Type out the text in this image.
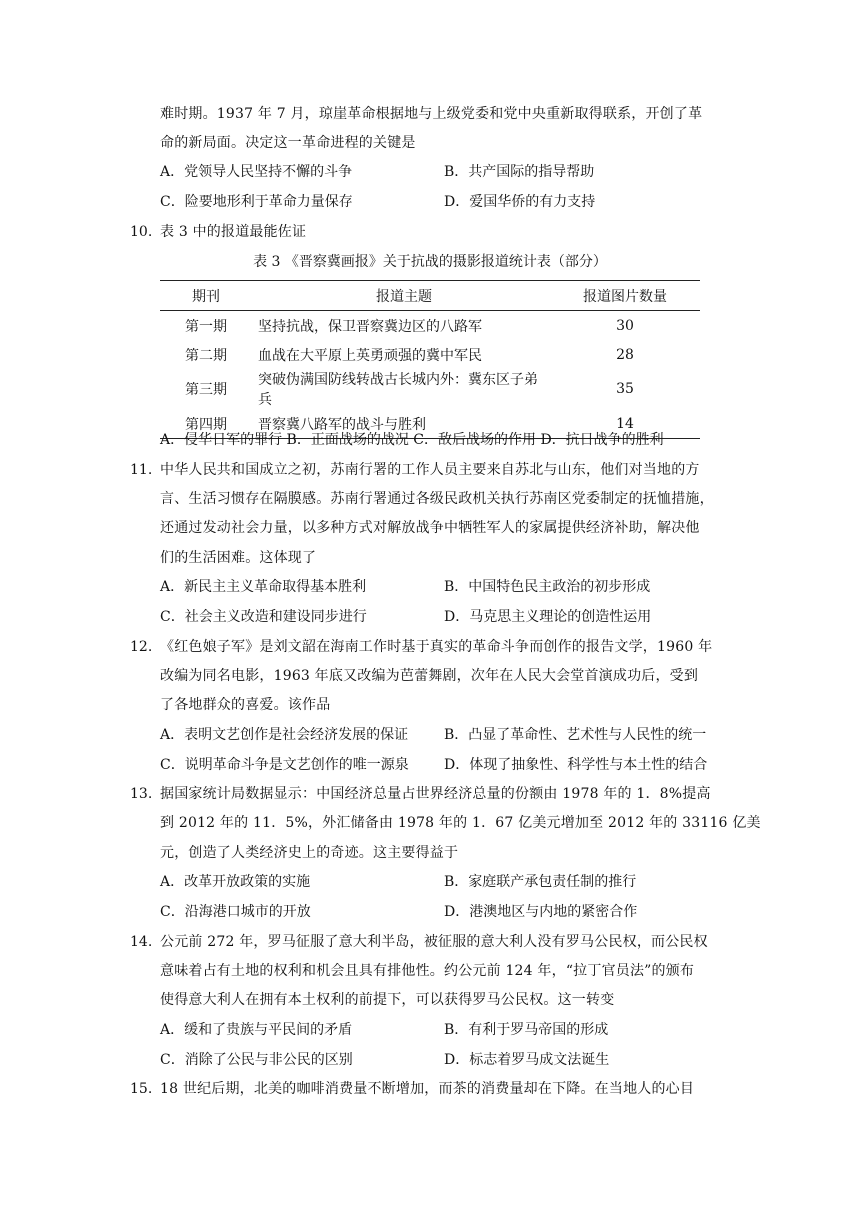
难时期。1937 年 7 月，琼崖革命根据地与上级党委和党中央重新取得联系，开创了革
命的新局面。决定这一革命进程的关键是
A．党领导人民坚持不懈的斗争	B．共产国际的指导帮助
C．险要地形利于革命力量保存	D．爱国华侨的有力支持
10. 表 3 中的报道最能佐证
表 3 《晋察冀画报》关于抗战的摄影报道统计表（部分）
期刊	报道主题	报道图片数量
第一期	坚持抗战，保卫晋察冀边区的八路军	30
第二期	血战在大平原上英勇顽强的冀中军民	28
第三期	突破伪满国防线转战古长城内外：冀东区子弟兵	35
第四期	晋察冀八路军的战斗与胜利	14
A．侵华日军的罪行 B．正面战场的战况 C．敌后战场的作用 D．抗日战争的胜利
11. 中华人民共和国成立之初，苏南行署的工作人员主要来自苏北与山东，他们对当地的方
言、生活习惯存在隔膜感。苏南行署通过各级民政机关执行苏南区党委制定的抚恤措施，
还通过发动社会力量，以多种方式对解放战争中牺牲军人的家属提供经济补助，解决他
们的生活困难。这体现了
A．新民主主义革命取得基本胜利	B．中国特色民主政治的初步形成
C．社会主义改造和建设同步进行	D．马克思主义理论的创造性运用
12. 《红色娘子军》是刘文韶在海南工作时基于真实的革命斗争而创作的报告文学，1960 年
改编为同名电影，1963 年底又改编为芭蕾舞剧，次年在人民大会堂首演成功后，受到
了各地群众的喜爱。该作品
A．表明文艺创作是社会经济发展的保证	B．凸显了革命性、艺术性与人民性的统一
C．说明革命斗争是文艺创作的唯一源泉	D．体现了抽象性、科学性与本土性的结合
13. 据国家统计局数据显示：中国经济总量占世界经济总量的份额由 1978 年的 1．8%提高
到 2012 年的 11．5%，外汇储备由 1978 年的 1．67 亿美元增加至 2012 年的 33116 亿美
元，创造了人类经济史上的奇迹。这主要得益于
A．改革开放政策的实施	B．家庭联产承包责任制的推行
C．沿海港口城市的开放	D．港澳地区与内地的紧密合作
14. 公元前 272 年，罗马征服了意大利半岛，被征服的意大利人没有罗马公民权，而公民权
意味着占有土地的权利和机会且具有排他性。约公元前 124 年，“拉丁官员法”的颁布
使得意大利人在拥有本土权利的前提下，可以获得罗马公民权。这一转变
A．缓和了贵族与平民间的矛盾	B．有利于罗马帝国的形成
C．消除了公民与非公民的区别	D．标志着罗马成文法诞生
15. 18 世纪后期，北美的咖啡消费量不断增加，而茶的消费量却在下降。在当地人的心目
